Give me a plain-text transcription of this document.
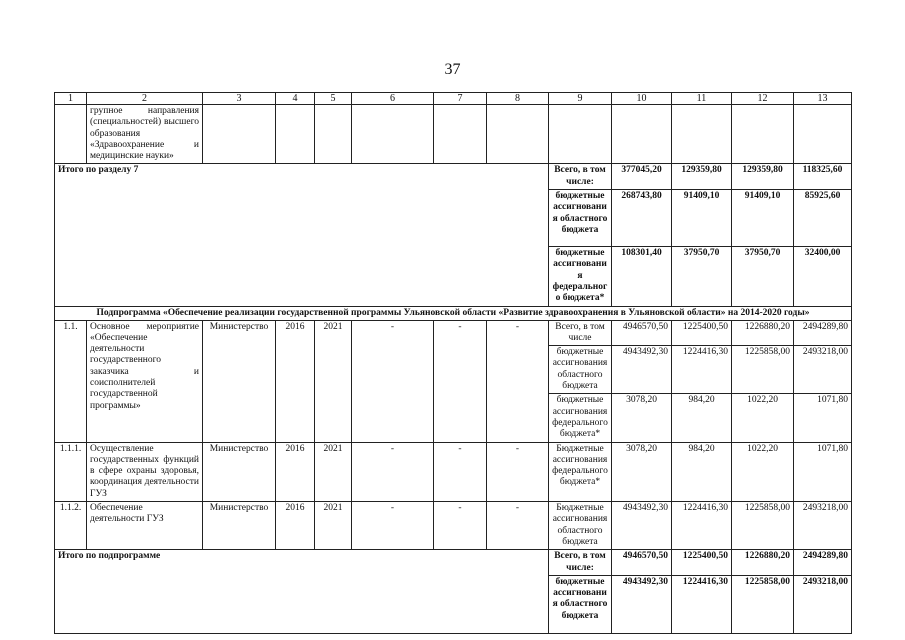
37
1	2	3	4	5	6	7	8	9	10	11	12	13
	групное направления (специальностей) высшего образования «Здравоохранение и медицинские науки»											
Итого по разделу 7								Всего, в том числе:	377045,20	129359,80	129359,80	118325,60
								бюджетные ассигнования областного бюджета	268743,80	91409,10	91409,10	85925,60
								бюджетные ассигнования федерального бюджета*	108301,40	37950,70	37950,70	32400,00
Подпрограмма «Обеспечение реализации государственной программы Ульяновской области «Развитие здравоохранения в Ульяновской области» на 2014-2020 годы»												
1.1.	Основное мероприятие «Обеспечение деятельности государственного заказчика и соисполнителей государственной программы»	Министерство	2016	2021	-	-	-	Всего, в том числе	4946570,50	1225400,50	1226880,20	2494289,80
								бюджетные ассигнования областного бюджета	4943492,30	1224416,30	1225858,00	2493218,00
								бюджетные ассигнования федерального бюджета*	3078,20	984,20	1022,20	1071,80
1.1.1.	Осуществление государственных функций в сфере охраны здоровья, координация деятельности ГУЗ	Министерство	2016	2021	-	-	-	Бюджетные ассигнования федерального бюджета*	3078,20	984,20	1022,20	1071,80
1.1.2.	Обеспечение деятельности ГУЗ	Министерство	2016	2021	-	-	-	Бюджетные ассигнования областного бюджета	4943492,30	1224416,30	1225858,00	2493218,00
Итого по подпрограмме								Всего, в том числе:	4946570,50	1225400,50	1226880,20	2494289,80
								бюджетные ассигнования областного бюджета	4943492,30	1224416,30	1225858,00	2493218,00
